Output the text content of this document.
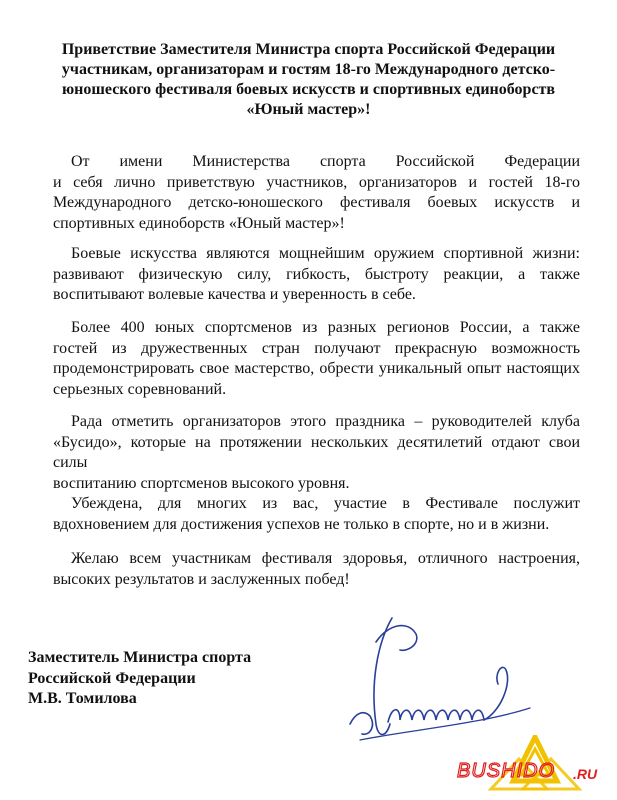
Приветствие Заместителя Министра спорта Российской Федерации
участникам, организаторам и гостям 18-го Международного детско-
юношеского фестиваля боевых искусств и спортивных единоборств
«Юный мастер»!

От имени Министерства спорта Российской Федерации
и себя лично приветствую участников, организаторов и гостей 18-го
Международного детско-юношеского фестиваля боевых искусств и
спортивных единоборств «Юный мастер»!

Боевые искусства являются мощнейшим оружием спортивной жизни:
развивают физическую силу, гибкость, быстроту реакции, а также
воспитывают волевые качества и уверенность в себе.

Более 400 юных спортсменов из разных регионов России, а также
гостей из дружественных стран получают прекрасную возможность
продемонстрировать свое мастерство, обрести уникальный опыт настоящих
серьезных соревнований.

Рада отметить организаторов этого праздника – руководителей клуба
«Бусидо», которые на протяжении нескольких десятилетий отдают свои силы
воспитанию спортсменов высокого уровня.

Убеждена, для многих из вас, участие в Фестивале послужит
вдохновением для достижения успехов не только в спорте, но и в жизни.

Желаю всем участникам фестиваля здоровья, отличного настроения,
высоких результатов и заслуженных побед!

Заместитель Министра спорта
Российской Федерации
М.В. Томилова
BUSHIDO .RU
